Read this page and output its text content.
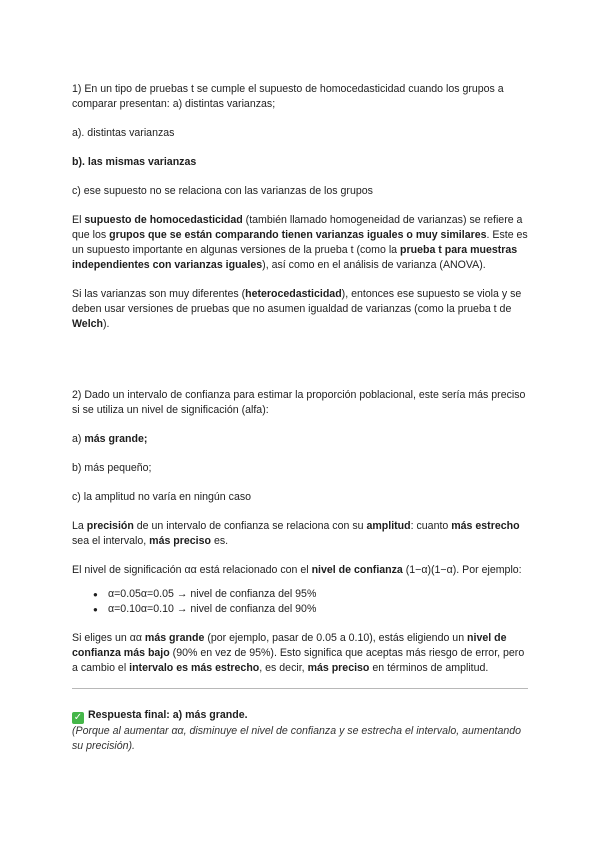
1) En un tipo de pruebas t se cumple el supuesto de homocedasticidad cuando los grupos a comparar presentan: a) distintas varianzas;

a). distintas varianzas

b). las mismas varianzas

c) ese supuesto no se relaciona con las varianzas de los grupos

El supuesto de homocedasticidad (también llamado homogeneidad de varianzas) se refiere a que los grupos que se están comparando tienen varianzas iguales o muy similares. Este es un supuesto importante en algunas versiones de la prueba t (como la prueba t para muestras independientes con varianzas iguales), así como en el análisis de varianza (ANOVA).

Si las varianzas son muy diferentes (heterocedasticidad), entonces ese supuesto se viola y se deben usar versiones de pruebas que no asumen igualdad de varianzas (como la prueba t de Welch).

2) Dado un intervalo de confianza para estimar la proporción poblacional, este sería más preciso si se utiliza un nivel de significación (alfa):

a) más grande;

b) más pequeño;

c) la amplitud no varía en ningún caso

La precisión de un intervalo de confianza se relaciona con su amplitud: cuanto más estrecho sea el intervalo, más preciso es.

El nivel de significación αα está relacionado con el nivel de confianza (1−α)(1−α). Por ejemplo:

● α=0.05α=0.05 → nivel de confianza del 95%
● α=0.10α=0.10 → nivel de confianza del 90%

Si eliges un αα más grande (por ejemplo, pasar de 0.05 a 0.10), estás eligiendo un nivel de confianza más bajo (90% en vez de 95%). Esto significa que aceptas más riesgo de error, pero a cambio el intervalo es más estrecho, es decir, más preciso en términos de amplitud.

✓ Respuesta final: a) más grande.

(Porque al aumentar αα, disminuye el nivel de confianza y se estrecha el intervalo, aumentando su precisión).
